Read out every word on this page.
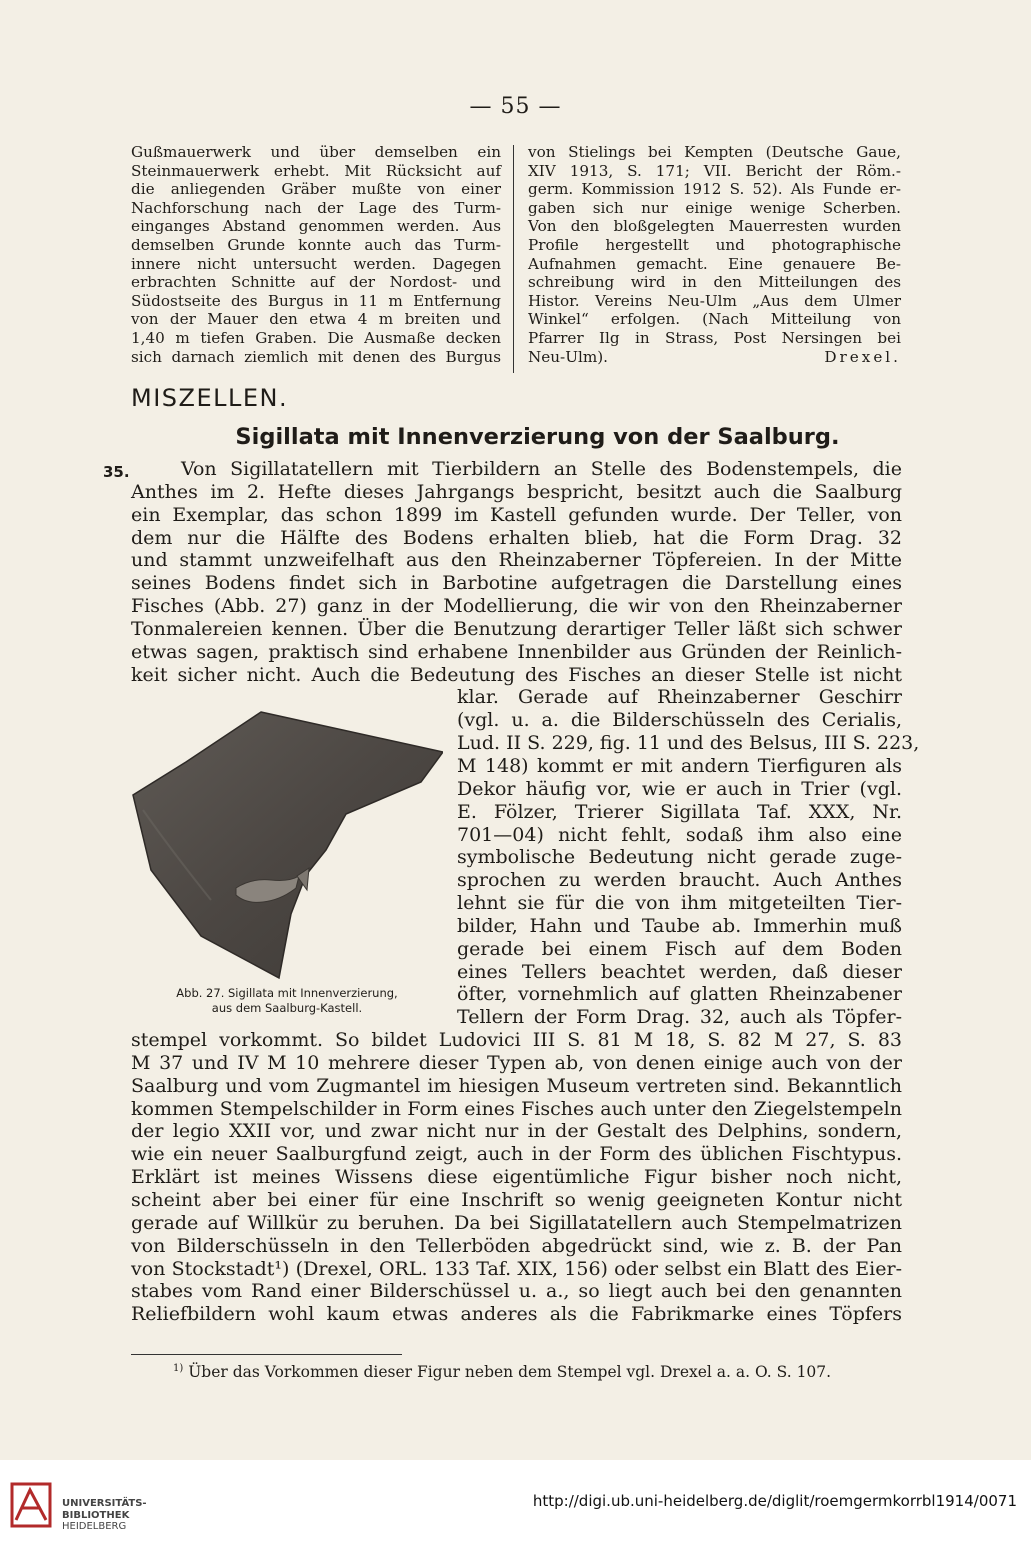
— 55 —
Gußmauerwerk und über demselben ein
Steinmauerwerk erhebt. Mit Rücksicht auf
die anliegenden Gräber mußte von einer
Nachforschung nach der Lage des Turm-
einganges Abstand genommen werden. Aus
demselben Grunde konnte auch das Turm-
innere nicht untersucht werden. Dagegen
erbrachten Schnitte auf der Nordost- und
Südostseite des Burgus in 11 m Entfernung
von der Mauer den etwa 4 m breiten und
1,40 m tiefen Graben. Die Ausmaße decken
sich darnach ziemlich mit denen des Burgus
von Stielings bei Kempten (Deutsche Gaue,
XIV 1913, S. 171; VII. Bericht der Röm.-
germ. Kommission 1912 S. 52). Als Funde er-
gaben sich nur einige wenige Scherben.
Von den bloßgelegten Mauerresten wurden
Profile hergestellt und photographische
Aufnahmen gemacht. Eine genauere Be-
schreibung wird in den Mitteilungen des
Histor. Vereins Neu-Ulm „Aus dem Ulmer
Winkel“ erfolgen. (Nach Mitteilung von
Pfarrer Ilg in Strass, Post Nersingen bei
Neu-Ulm).	Drexel.
MISZELLEN.
Sigillata mit Innenverzierung von der Saalburg.
35.	Von Sigillatatellern mit Tierbildern an Stelle des Bodenstempels, die
Anthes im 2. Hefte dieses Jahrgangs bespricht, besitzt auch die Saalburg
ein Exemplar, das schon 1899 im Kastell gefunden wurde. Der Teller, von
dem nur die Hälfte des Bodens erhalten blieb, hat die Form Drag. 32
und stammt unzweifelhaft aus den Rheinzaberner Töpfereien. In der Mitte
seines Bodens findet sich in Barbotine aufgetragen die Darstellung eines
Fisches (Abb. 27) ganz in der Modellierung, die wir von den Rheinzaberner
Tonmalereien kennen. Über die Benutzung derartiger Teller läßt sich schwer
etwas sagen, praktisch sind erhabene Innenbilder aus Gründen der Reinlich-
keit sicher nicht. Auch die Bedeutung des Fisches an dieser Stelle ist nicht
klar. Gerade auf Rheinzaberner Geschirr
(vgl. u. a. die Bilderschüsseln des Cerialis,
Lud. II S. 229, fig. 11 und des Belsus, III S. 223,
M 148) kommt er mit andern Tierfiguren als
Dekor häufig vor, wie er auch in Trier (vgl.
E. Fölzer, Trierer Sigillata Taf. XXX, Nr.
701—04) nicht fehlt, sodaß ihm also eine
symbolische Bedeutung nicht gerade zuge-
sprochen zu werden braucht. Auch Anthes
lehnt sie für die von ihm mitgeteilten Tier-
bilder, Hahn und Taube ab. Immerhin muß
gerade bei einem Fisch auf dem Boden
eines Tellers beachtet werden, daß dieser
öfter, vornehmlich auf glatten Rheinzabener
Tellern der Form Drag. 32, auch als Töpfer-
stempel vorkommt. So bildet Ludovici III S. 81 M 18, S. 82 M 27, S. 83
M 37 und IV M 10 mehrere dieser Typen ab, von denen einige auch von der
Saalburg und vom Zugmantel im hiesigen Museum vertreten sind. Bekanntlich
kommen Stempelschilder in Form eines Fisches auch unter den Ziegelstempeln
der legio XXII vor, und zwar nicht nur in der Gestalt des Delphins, sondern,
wie ein neuer Saalburgfund zeigt, auch in der Form des üblichen Fischtypus.
Erklärt ist meines Wissens diese eigentümliche Figur bisher noch nicht,
scheint aber bei einer für eine Inschrift so wenig geeigneten Kontur nicht
gerade auf Willkür zu beruhen. Da bei Sigillatatellern auch Stempelmatrizen
von Bilderschüsseln in den Tellerböden abgedrückt sind, wie z. B. der Pan
von Stockstadt¹) (Drexel, ORL. 133 Taf. XIX, 156) oder selbst ein Blatt des Eier-
stabes vom Rand einer Bilderschüssel u. a., so liegt auch bei den genannten
Reliefbildern wohl kaum etwas anderes als die Fabrikmarke eines Töpfers
Abb. 27. Sigillata mit Innenverzierung,
aus dem Saalburg-Kastell.
$^{1)}$ Über das Vorkommen dieser Figur neben dem Stempel vgl. Drexel a. a. O. S. 107.
UNIVERSITÄTS-
BIBLIOTHEK
HEIDELBERG
http://digi.ub.uni-heidelberg.de/diglit/roemgermkorrbl1914/0071
